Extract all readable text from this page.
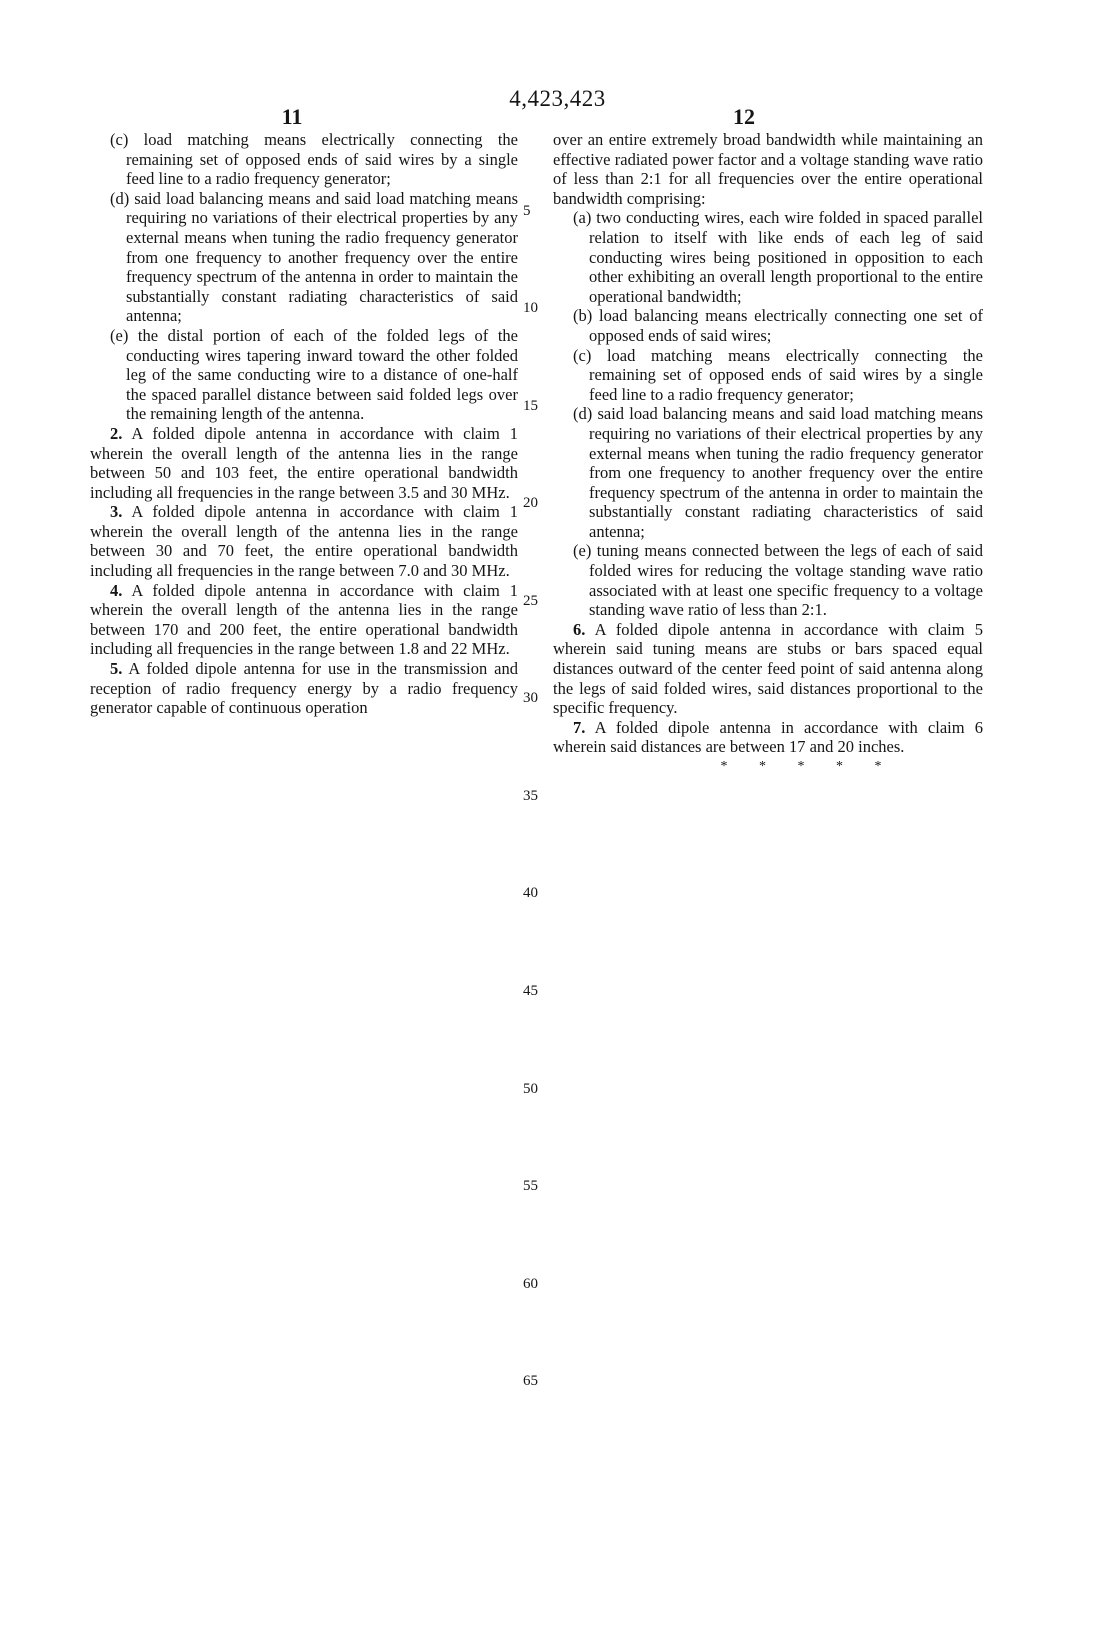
4,423,423
11	12

(c) load matching means electrically connecting the remaining set of opposed ends of said wires by a single feed line to a radio frequency generator;

(d) said load balancing means and said load matching means requiring no variations of their electrical properties by any external means when tuning the radio frequency generator from one frequency to another frequency over the entire frequency spectrum of the antenna in order to maintain the substantially constant radiating characteristics of said antenna;

(e) the distal portion of each of the folded legs of the conducting wires tapering inward toward the other folded leg of the same conducting wire to a distance of one-half the spaced parallel distance between said folded legs over the remaining length of the antenna.

2. A folded dipole antenna in accordance with claim 1 wherein the overall length of the antenna lies in the range between 50 and 103 feet, the entire operational bandwidth including all frequencies in the range between 3.5 and 30 MHz.

3. A folded dipole antenna in accordance with claim 1 wherein the overall length of the antenna lies in the range between 30 and 70 feet, the entire operational bandwidth including all frequencies in the range between 7.0 and 30 MHz.

4. A folded dipole antenna in accordance with claim 1 wherein the overall length of the antenna lies in the range between 170 and 200 feet, the entire operational bandwidth including all frequencies in the range between 1.8 and 22 MHz.

5. A folded dipole antenna for use in the transmission and reception of radio frequency energy by a radio frequency generator capable of continuous operation

over an entire extremely broad bandwidth while maintaining an effective radiated power factor and a voltage standing wave ratio of less than 2:1 for all frequencies over the entire operational bandwidth comprising:

(a) two conducting wires, each wire folded in spaced parallel relation to itself with like ends of each leg of said conducting wires being positioned in opposition to each other exhibiting an overall length proportional to the entire operational bandwidth;

(b) load balancing means electrically connecting one set of opposed ends of said wires;

(c) load matching means electrically connecting the remaining set of opposed ends of said wires by a single feed line to a radio frequency generator;

(d) said load balancing means and said load matching means requiring no variations of their electrical properties by any external means when tuning the radio frequency generator from one frequency to another frequency over the entire frequency spectrum of the antenna in order to maintain the substantially constant radiating characteristics of said antenna;

(e) tuning means connected between the legs of each of said folded wires for reducing the voltage standing wave ratio associated with at least one specific frequency to a voltage standing wave ratio of less than 2:1.

6. A folded dipole antenna in accordance with claim 5 wherein said tuning means are stubs or bars spaced equal distances outward of the center feed point of said antenna along the legs of said folded wires, said distances proportional to the specific frequency.

7. A folded dipole antenna in accordance with claim 6 wherein said distances are between 17 and 20 inches.

* * * * *

5
10
15
20
25
30
35
40
45
50
55
60
65
